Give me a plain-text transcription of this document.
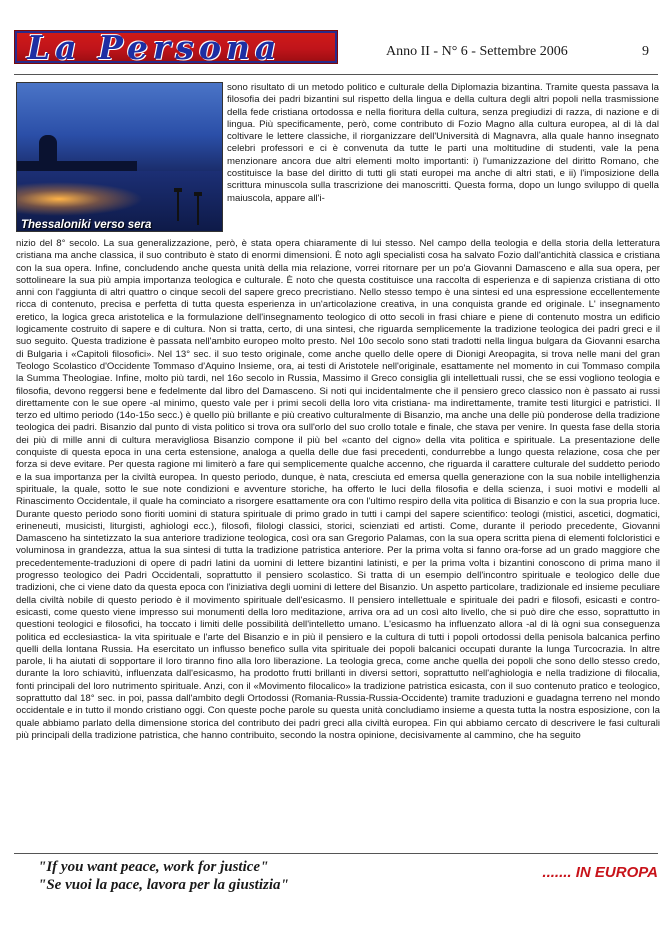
La Persona	Anno II - N° 6 - Settembre 2006	9
Thessaloniki verso sera
sono risultato di un metodo politico e culturale della Diplomazia bizantina. Tramite questa passava la filosofia dei padri bizantini sul rispetto della lingua e della cultura degli altri popoli nella trasmissione della fede cristiana ortodossa e nella fioritura della cultura, senza pregiudizi di razza, di nazione e di lingua. Più specificamente, però, come contributo di Fozio Magno alla cultura europea, al di là dal coltivare le lettere classiche, il riorganizzare dell'Università di Magnavra, alla quale hanno insegnato celebri professori e ci è convenuta da tutte le parti una moltitudine di studenti, vale la pena menzionare ancora due altri elementi molto importanti: i) l'umanizzazione del diritto Romano, che costituisce la base del diritto di tutti gli stati europei ma anche di altri stati, e ii) l'imposizione della scrittura minuscola sulla trascrizione dei manoscritti. Questa forma, dopo un lungo sviluppo di quella maiuscola, appare all'i-
nizio del 8° secolo. La sua generalizzazione, però, è stata opera chiaramente di lui stesso. Nel campo della teologia e della storia della letteratura cristiana ma anche classica, il suo contributo è stato di enormi dimensioni. È noto agli specialisti cosa ha salvato Fozio dall'antichità classica e cristiana con la sua opera. Infine, concludendo anche questa unità della mia relazione, vorrei ritornare per un po'a Giovanni Damasceno e alla sua opera, per sottolineare la sua più ampia importanza teologica e culturale. È noto che questa costituisce una raccolta di esperienza e di sapienza cristiana di otto anni con l'aggiunta di altri quattro o cinque secoli del sapere greco precristiano. Nello stesso tempo è una sintesi ed una espressione eccellentemente ricca di contenuto, precisa e perfetta di tutta questa esperienza in un'articolazione creativa, in una conquista grande ed originale. L' insegnamento eretico, la logica greca aristotelica e la formulazione dell'insegnamento teologico di otto secoli in frasi chiare e piene di contenuto mostra un edificio logicamente costruito di sapere e di cultura. Non si tratta, certo, di una sintesi, che riguarda semplicemente la tradizione teologica dei padri greci e il suo seguito. Questa tradizione è passata nell'ambito europeo molto presto. Nel 10o secolo sono stati tradotti nella lingua bulgara da Giovanni esarcha di Bulgaria i «Capitoli filosofici». Nel 13° sec. il suo testo originale, come anche quello delle opere di Dionigi Areopagita, si trova nelle mani del gran Teologo Scolastico d'Occidente Tommaso d'Aquino Insieme, ora, ai testi di Aristotele nell'originale, esattamente nel momento in cui Tommaso compila la Summa Theologiae. Infine, molto più tardi, nel 16o secolo in Russia, Massimo il Greco consiglia gli intellettuali russi, che se essi vogliono teologia e filosofia, devono reggersi bene e fedelmente dal libro del Damasceno. Si noti qui incidentalmente che il pensiero greco classico non è passato ai russi direttamente con le sue opere -al minimo, questo vale per i primi secoli della loro vita cristiana- ma indirettamente, tramite testi liturgici e patristici. Il terzo ed ultimo periodo (14o-15o secc.) è quello più brillante e più creativo culturalmente di Bisanzio, ma anche una delle più ponderose della tradizione teologica dei padri. Bisanzio dal punto di vista politico si trova ora sull'orlo del suo crollo totale e finale, che stava per venire. In questa fase della storia dei più di mille anni di cultura meravigliosa Bisanzio compone il più bel «canto del cigno» della vita politica e spirituale. La presentazione delle conquiste di questa epoca in una certa estensione, analoga a quella delle due fasi precedenti, condurrebbe a lungo questa relazione, cosa che per forza si deve evitare. Per questa ragione mi limiterò a fare qui semplicemente qualche accenno, che riguarda il carattere culturale del suddetto periodo e la sua importanza per la civiltà europea. In questo periodo, dunque, è nata, cresciuta ed emersa quella generazione con la sua nobile intellighenzia spirituale, la quale, sotto le sue note condizioni e avventure storiche, ha offerto le luci della filosofia e della scienza, i suoi motivi e modelli al Rinascimento Occidentale, il quale ha cominciato a risorgere esattamente ora con l'ultimo respiro della vita politica di Bisanzio e con la sua propria luce. Durante questo periodo sono fioriti uomini di statura spirituale di primo grado in tutti i campi del sapere scientifico: teologi (mistici, ascetici, dogmatici, erineneuti, musicisti, liturgisti, aghiologi ecc.), filosofi, filologi classici, storici, scienziati ed artisti. Come, durante il periodo precedente, Giovanni Damasceno ha sintetizzato la sua anteriore tradizione teologica, così ora san Gregorio Palamas, con la sua opera scritta piena di elementi folcloristici e voluminosa in grandezza, attua la sua sintesi di tutta la tradizione patristica anteriore. Per la prima volta si fanno ora-forse ad un grado maggiore che precedentemente-traduzioni di opere di padri latini da uomini di lettere bizantini latinisti, e per la prima volta i bizantini conoscono di prima mano il progresso teologico dei Padri Occidentali, soprattutto il pensiero scolastico. Si tratta di un esempio dell'incontro spirituale e teologico delle due tradizioni, che ci viene dato da questa epoca con l'iniziativa degli uomini di lettere del Bisanzio. Un aspetto particolare, tradizionale ed insieme peculiare della civiltà nobile di questo periodo è il movimento spirituale dell'esicasmo. Il pensiero intellettuale e spirituale dei padri e filosofi, esicasti e contro-esicasti, come questo viene impresso sui monumenti della loro meditazione, arriva ora ad un così alto livello, che si può dire che esso, soprattutto in questioni teologici e filosofici, ha toccato i limiti delle possibilità dell'intelletto umano. L'esicasmo ha influenzato allora -al di là ogni sua conseguenza politica ed ecclesiastica- la vita spirituale e l'arte del Bisanzio e in più il pensiero e la cultura di tutti i popoli ortodossi della penisola balcanica perfino quelli della lontana Russia. Ha esercitato un influsso benefico sulla vita spirituale dei popoli balcanici occupati durante la lunga Turcocrazia. In altre parole, li ha aiutati di sopportare il loro tiranno fino alla loro liberazione. La teologia greca, come anche quella dei popoli che sono dello stesso credo, durante la loro schiavitù, influenzata dall'esicasmo, ha prodotto frutti brillanti in diversi settori, soprattutto nell'aghiologia e nella tradizione di filocalia, fonti principali del loro nutrimento spirituale. Anzi, con il «Movimento filocalico» la tradizione patristica esicasta, con il suo contenuto pratico e teologico, soprattutto dal 18° sec. in poi, passa dall'ambito degli Ortodossi (Romania-Russia-Russia-Occidente) tramite traduzioni e guadagna terreno nel mondo occidentale e in tutto il mondo cristiano oggi. Con queste poche parole su questa unità concludiamo insieme a questa tutta la nostra esposizione, con la quale abbiamo parlato della dimensione storica del contributo dei padri greci alla civiltà europea. Fin qui abbiamo cercato di descrivere le fasi culturali più principali della tradizione patristica, che hanno contribuito, secondo la nostra opinione, decisivamente al cammino, che ha seguito
"If you want peace, work for justice"
"Se vuoi la pace, lavora per la giustizia"
....... IN EUROPA
